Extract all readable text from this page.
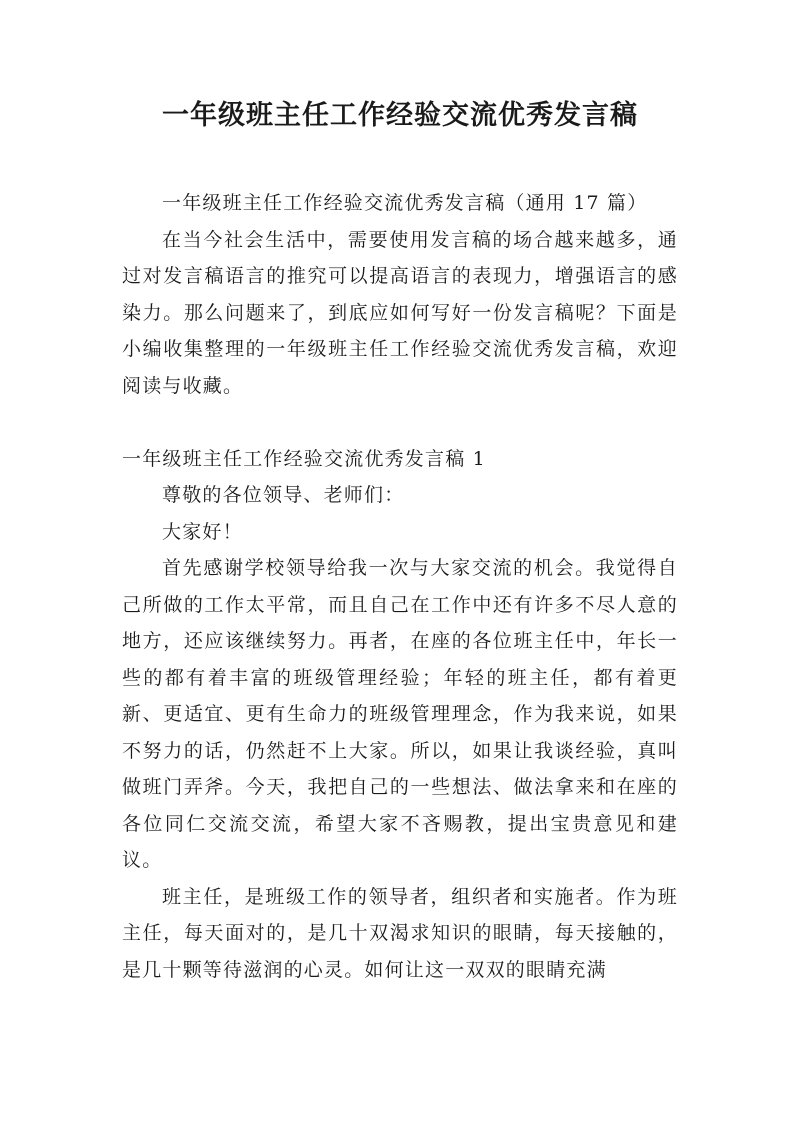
一年级班主任工作经验交流优秀发言稿

一年级班主任工作经验交流优秀发言稿（通用 17 篇）

在当今社会生活中，需要使用发言稿的场合越来越多，通过对发言稿语言的推究可以提高语言的表现力，增强语言的感染力。那么问题来了，到底应如何写好一份发言稿呢？下面是小编收集整理的一年级班主任工作经验交流优秀发言稿，欢迎阅读与收藏。

一年级班主任工作经验交流优秀发言稿 1

尊敬的各位领导、老师们：

大家好！

首先感谢学校领导给我一次与大家交流的机会。我觉得自己所做的工作太平常，而且自己在工作中还有许多不尽人意的地方，还应该继续努力。再者，在座的各位班主任中，年长一些的都有着丰富的班级管理经验；年轻的班主任，都有着更新、更适宜、更有生命力的班级管理理念，作为我来说，如果不努力的话，仍然赶不上大家。所以，如果让我谈经验，真叫做班门弄斧。今天，我把自己的一些想法、做法拿来和在座的各位同仁交流交流，希望大家不吝赐教，提出宝贵意见和建议。

班主任，是班级工作的领导者，组织者和实施者。作为班主任，每天面对的，是几十双渴求知识的眼睛，每天接触的，是几十颗等待滋润的心灵。如何让这一双双的眼睛充满
